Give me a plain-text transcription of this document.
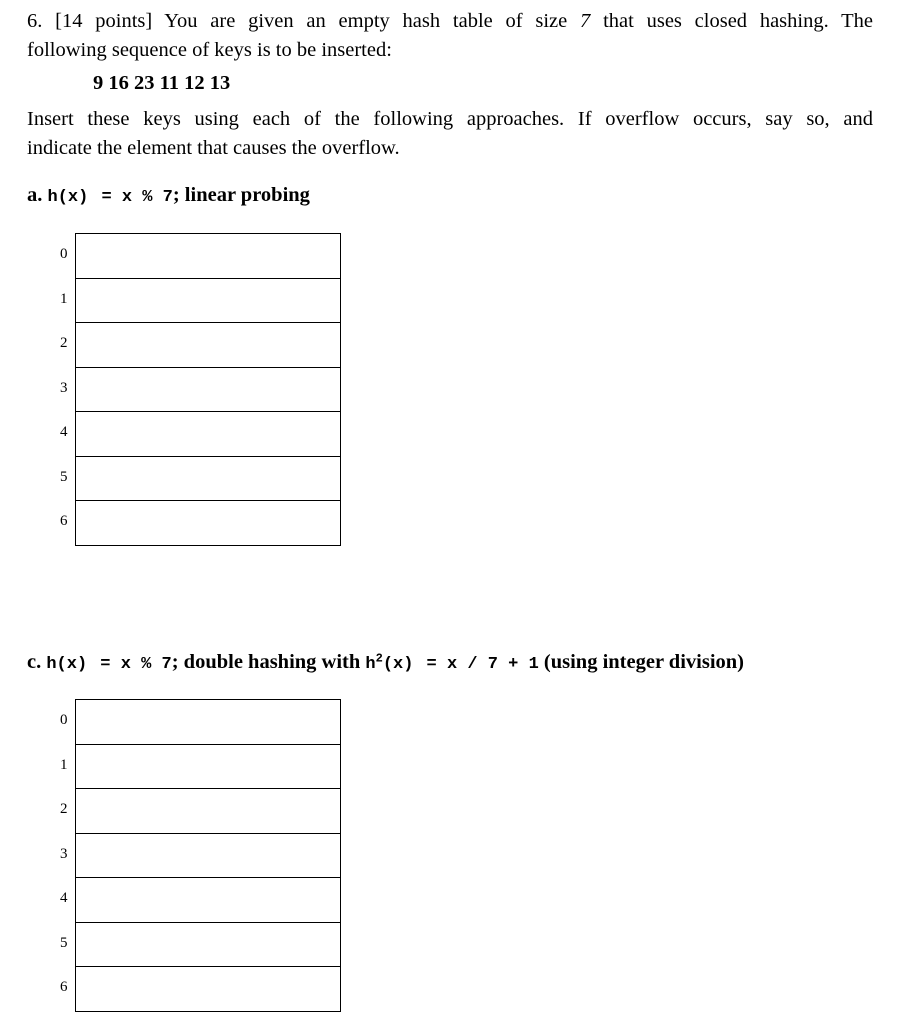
6. [14 points] You are given an empty hash table of size 7 that uses closed hashing. The
following sequence of keys is to be inserted:
9 16 23 11 12 13
Insert these keys using each of the following approaches. If overflow occurs, say so, and
indicate the element that causes the overflow.
a. h(x) = x % 7; linear probing
0
1
2
3
4
5
6
c. h(x) = x % 7; double hashing with $h^2(x) = x / 7 + 1$ (using integer division)
0
1
2
3
4
5
6
